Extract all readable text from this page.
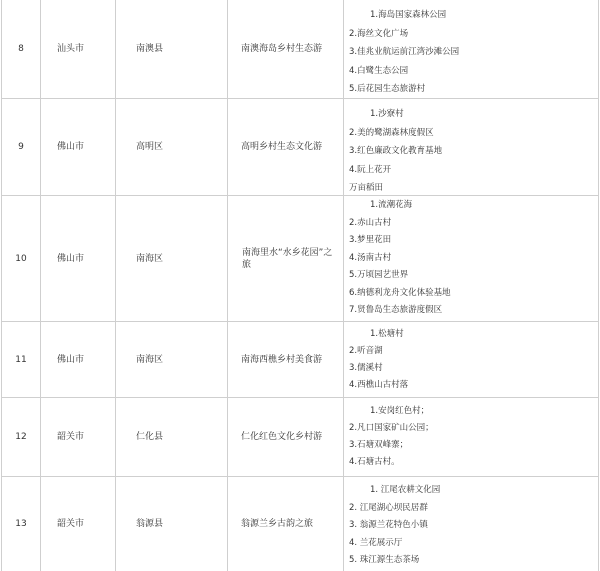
8	汕头市	南澳县	南澳海岛乡村生态游
1.海岛国家森林公园
2.海丝文化广场
3.佳兆业航运前江湾沙滩公园
4.白鹭生态公园
5.后花园生态旅游村
9	佛山市	高明区	高明乡村生态文化游
1.沙寮村
2.美的鹭湖森林度假区
3.红色廉政文化教育基地
4.阮上花开
万亩稻田
10	佛山市	南海区
南海里水“水乡花园”之旅
1.流潮花海
2.赤山古村
3.梦里花田
4.汤南古村
5.万顷园艺世界
6.纳德利龙舟文化体验基地
7.贤鲁岛生态旅游度假区
11	佛山市	南海区	南海西樵乡村美食游
1.松塘村
2.听音湖
3.儒溪村
4.西樵山古村落
12	韶关市	仁化县	仁化红色文化乡村游
1.安岗红色村；
2.凡口国家矿山公园；
3.石塘双峰寨；
4.石塘古村。
13	韶关市	翁源县	翁源兰乡古韵之旅
1. 江尾农耕文化园
2. 江尾湖心坝民居群
3. 翁源兰花特色小镇
4. 兰花展示厅
5. 珠江源生态茶场
